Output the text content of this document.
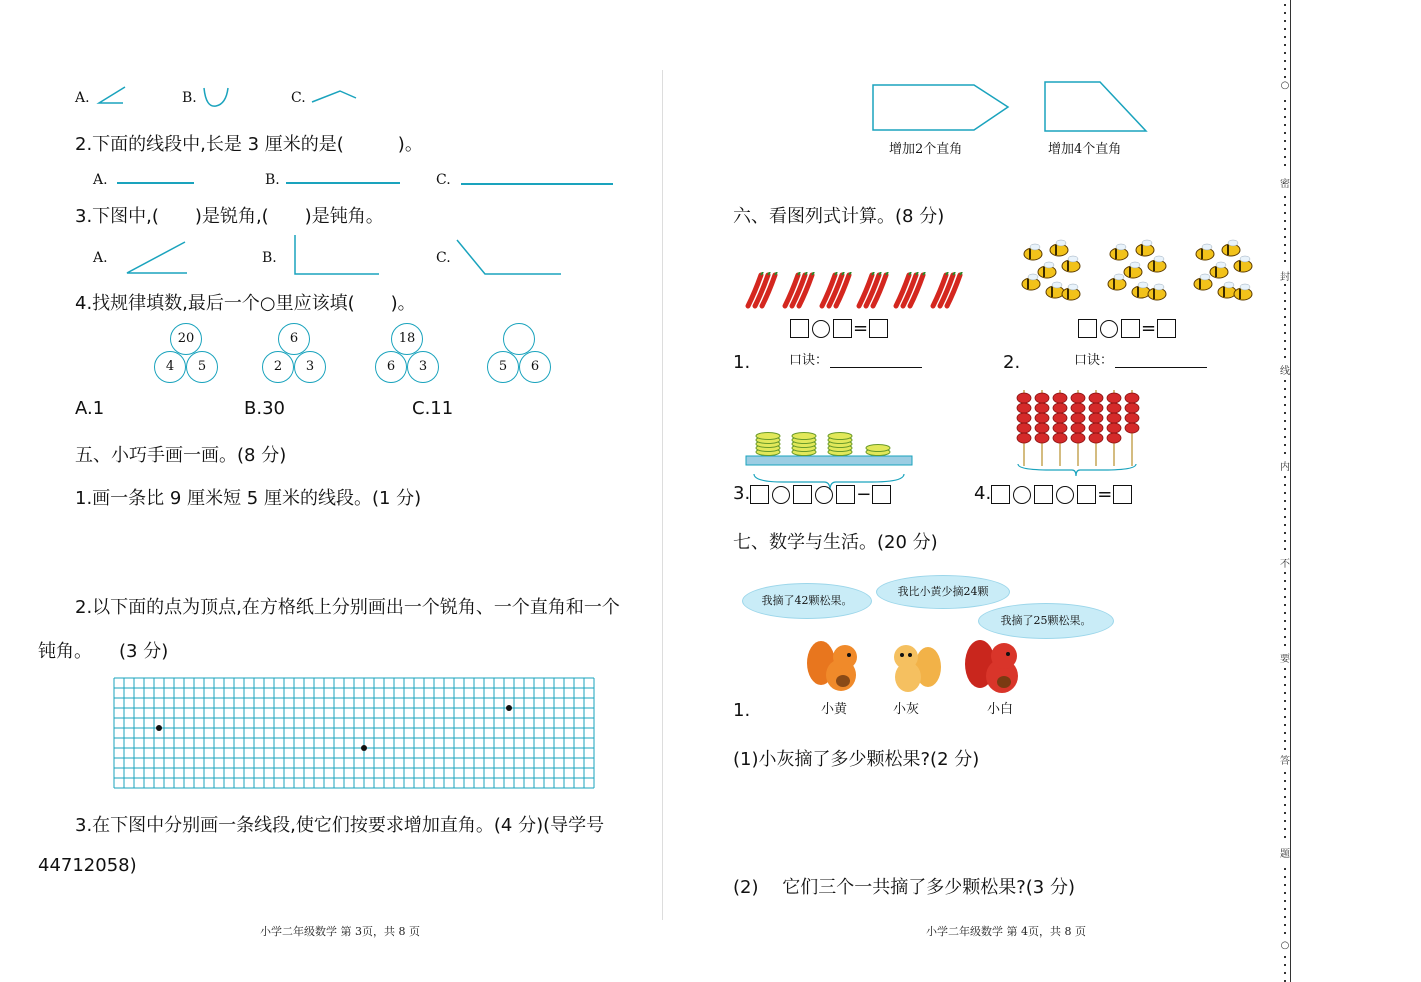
A.	B.	C.
2.下面的线段中,长是 3 厘米的是(　　　)。
A.	B.	C.
3.下图中,(　　)是锐角,(　　)是钝角。
A.	B.	C.
4.找规律填数,最后一个○里应该填(　　)。
20
4	5
6
2	3
18
6	3	5	6
A.1	B.30	C.11
五、小巧手画一画。(8 分)
1.画一条比 9 厘米短 5 厘米的线段。(1 分)
2.以下面的点为顶点,在方格纸上分别画出一个锐角、一个直角和一个
钝角。　　(3 分)
3.在下图中分别画一条线段,使它们按要求增加直角。(4 分)(导学号
44712058)
小学二年级数学 第 3页，共 8 页
增加2个直角	增加4个直角
六、看图列式计算。(8 分)
=	=
1.	口诀：	2.	口诀：
3.	−	4.	=
七、数学与生活。(20 分)
我摘了42颗松果。
我比小黄少摘24颗
我摘了25颗松果。
小黄	小灰	小白
1.
(1)小灰摘了多少颗松果?(2 分)
(2)　 它们三个一共摘了多少颗松果?(3 分)
小学二年级数学 第 4页，共 8 页
○
密
封
线
内
不
要
答
题
○
